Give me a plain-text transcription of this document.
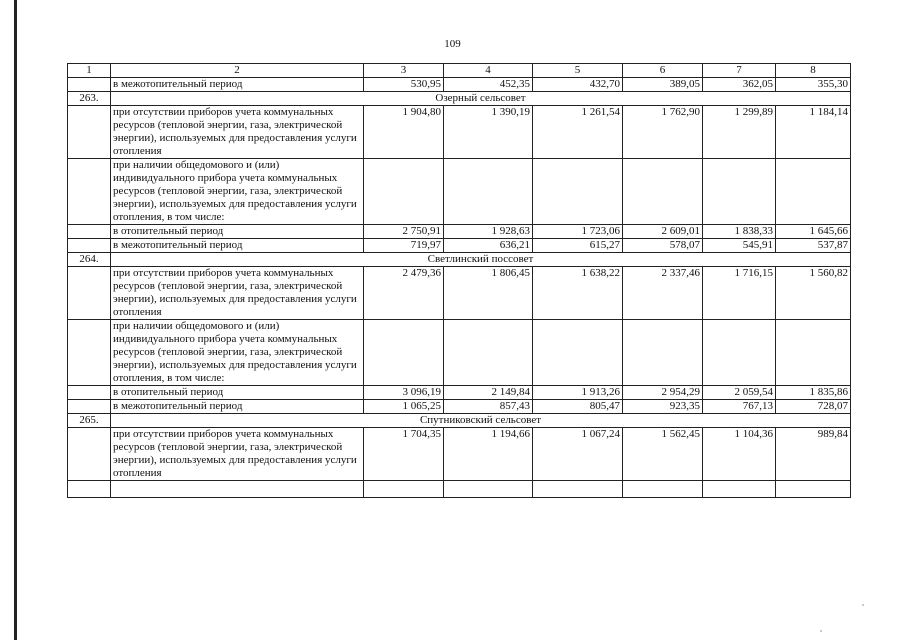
109
1	2	3	4	5	6	7	8
	в межотопительный период	530,95	452,35	432,70	389,05	362,05	355,30
263.	Озерный сельсовет						
	при отсутствии приборов учета коммунальных ресурсов (тепловой энергии, газа, электрической энергии), используемых для предоставления услуги отопления	1 904,80	1 390,19	1 261,54	1 762,90	1 299,89	1 184,14
	при наличии общедомового и (или) индивидуального прибора учета коммунальных ресурсов (тепловой энергии, газа, электрической энергии), используемых для предоставления услуги отопления, в том числе:						
	в отопительный период	2 750,91	1 928,63	1 723,06	2 609,01	1 838,33	1 645,66
	в межотопительный период	719,97	636,21	615,27	578,07	545,91	537,87
264.	Светлинский поссовет						
	при отсутствии приборов учета коммунальных ресурсов (тепловой энергии, газа, электрической энергии), используемых для предоставления услуги отопления	2 479,36	1 806,45	1 638,22	2 337,46	1 716,15	1 560,82
	при наличии общедомового и (или) индивидуального прибора учета коммунальных ресурсов (тепловой энергии, газа, электрической энергии), используемых для предоставления услуги отопления, в том числе:						
	в отопительный период	3 096,19	2 149,84	1 913,26	2 954,29	2 059,54	1 835,86
	в межотопительный период	1 065,25	857,43	805,47	923,35	767,13	728,07
265.	Спутниковский сельсовет						
	при отсутствии приборов учета коммунальных ресурсов (тепловой энергии, газа, электрической энергии), используемых для предоставления услуги отопления	1 704,35	1 194,66	1 067,24	1 562,45	1 104,36	989,84
